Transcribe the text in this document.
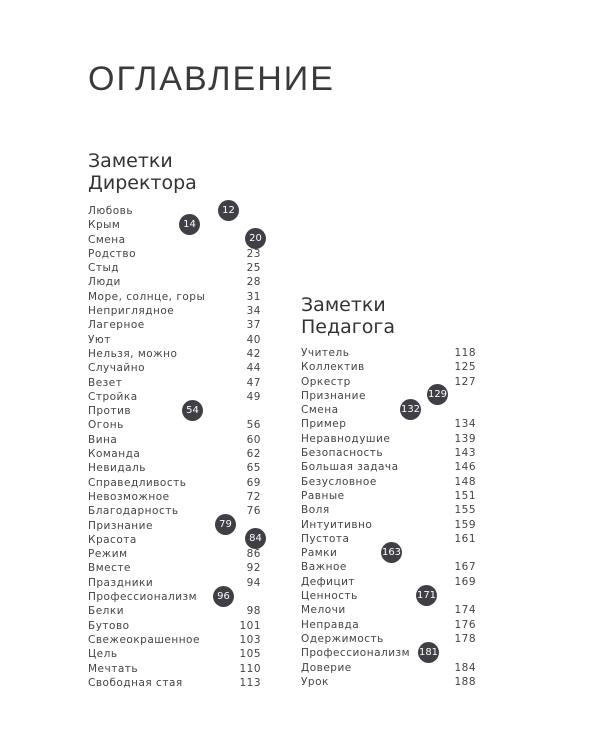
ОГЛАВЛЕНИЕ
Заметки
Директора
Любовь	12
Крым	14
Смена	20
Родство	23
Стыд	25
Люди	28
Море, солнце, горы	31
Неприглядное	34
Лагерное	37
Уют	40
Нельзя, можно	42
Случайно	44
Везет	47
Стройка	49
Против	54
Огонь	56
Вина	60
Команда	62
Невидаль	65
Справедливость	69
Невозможное	72
Благодарность	76
Признание	79
Красота	84
Режим	86
Вместе	92
Праздники	94
Профессионализм	96
Белки	98
Бутово	101
Свежеокрашенное	103
Цель	105
Мечтать	110
Свободная стая	113
Заметки
Педагога
Учитель	118
Коллектив	125
Оркестр	127
Признание	129
Смена	132
Пример	134
Неравнодушие	139
Безопасность	143
Большая задача	146
Безусловное	148
Равные	151
Воля	155
Интуитивно	159
Пустота	161
Рамки	163
Важное	167
Дефицит	169
Ценность	171
Мелочи	174
Неправда	176
Одержимость	178
Профессионализм 181
Доверие	184
Урок	188
